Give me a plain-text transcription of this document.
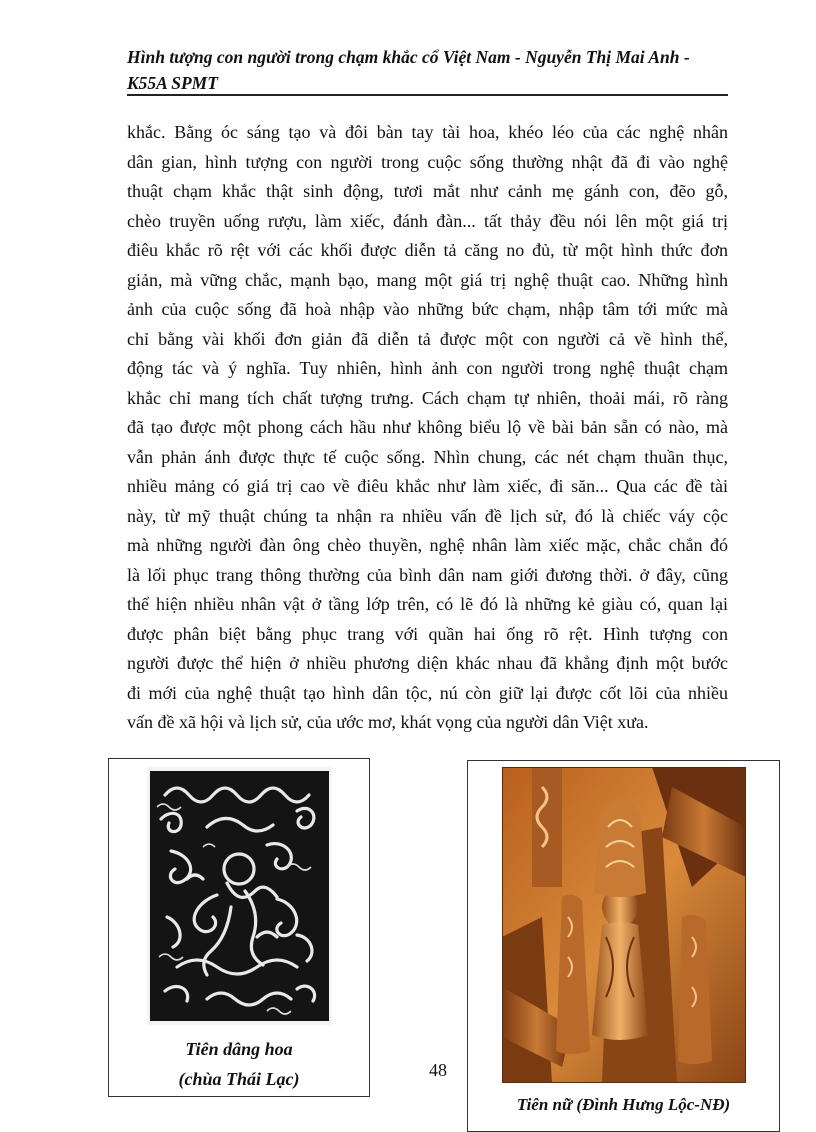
Hình tượng con người trong chạm khắc cổ Việt Nam - Nguyễn Thị Mai Anh -
K55A SPMT
khắc. Bằng óc sáng tạo và đôi bàn tay tài hoa, khéo léo của các nghệ nhân
dân gian, hình tượng con người trong cuộc sống thường nhật đã đi vào nghệ
thuật chạm khắc thật sinh động, tươi mắt như cảnh mẹ gánh con, đẽo gỗ,
chèo truyền uống rượu, làm xiếc, đánh đàn... tất thảy đều nói lên một giá trị
điêu khắc rõ rệt với các khối được diễn tả căng no đủ, từ một hình thức đơn
giản, mà vững chắc, mạnh bạo, mang một giá trị nghệ thuật cao. Những hình
ảnh của cuộc sống đã hoà nhập vào những bức chạm, nhập tâm tới mức mà
chỉ bằng vài khối đơn giản đã diễn tả được một con người cả về hình thể,
động tác và ý nghĩa. Tuy nhiên, hình ảnh con người trong nghệ thuật chạm
khắc chỉ mang tích chất tượng trưng. Cách chạm tự nhiên, thoải mái, rõ ràng
đã tạo được một phong cách hầu như không biểu lộ về bài bản sẵn có nào, mà
vẫn phản ánh được thực tế cuộc sống. Nhìn chung, các nét chạm thuần thục,
nhiều mảng có giá trị cao về điêu khắc như làm xiếc, đi săn... Qua các đề tài
này, từ mỹ thuật chúng ta nhận ra nhiều vấn đề lịch sử, đó là chiếc váy cộc
mà những người đàn ông chèo thuyền, nghệ nhân làm xiếc mặc, chắc chắn đó
là lối phục trang thông thường của bình dân nam giới đương thời. ở đây, cũng
thể hiện nhiều nhân vật ở tầng lớp trên, có lẽ đó là những kẻ giàu có, quan lại
được phân biệt bằng phục trang với quần hai ống rõ rệt. Hình tượng con
người được thể hiện ở nhiều phương diện khác nhau đã khẳng định một bước
đi mới của nghệ thuật tạo hình dân tộc, nú còn giữ lại được cốt lõi của nhiều
vấn đề xã hội và lịch sử, của ước mơ, khát vọng của người dân Việt xưa.
Tiên dâng hoa
(chùa Thái Lạc)
Tiên nữ (Đình Hưng Lộc-NĐ)
48
